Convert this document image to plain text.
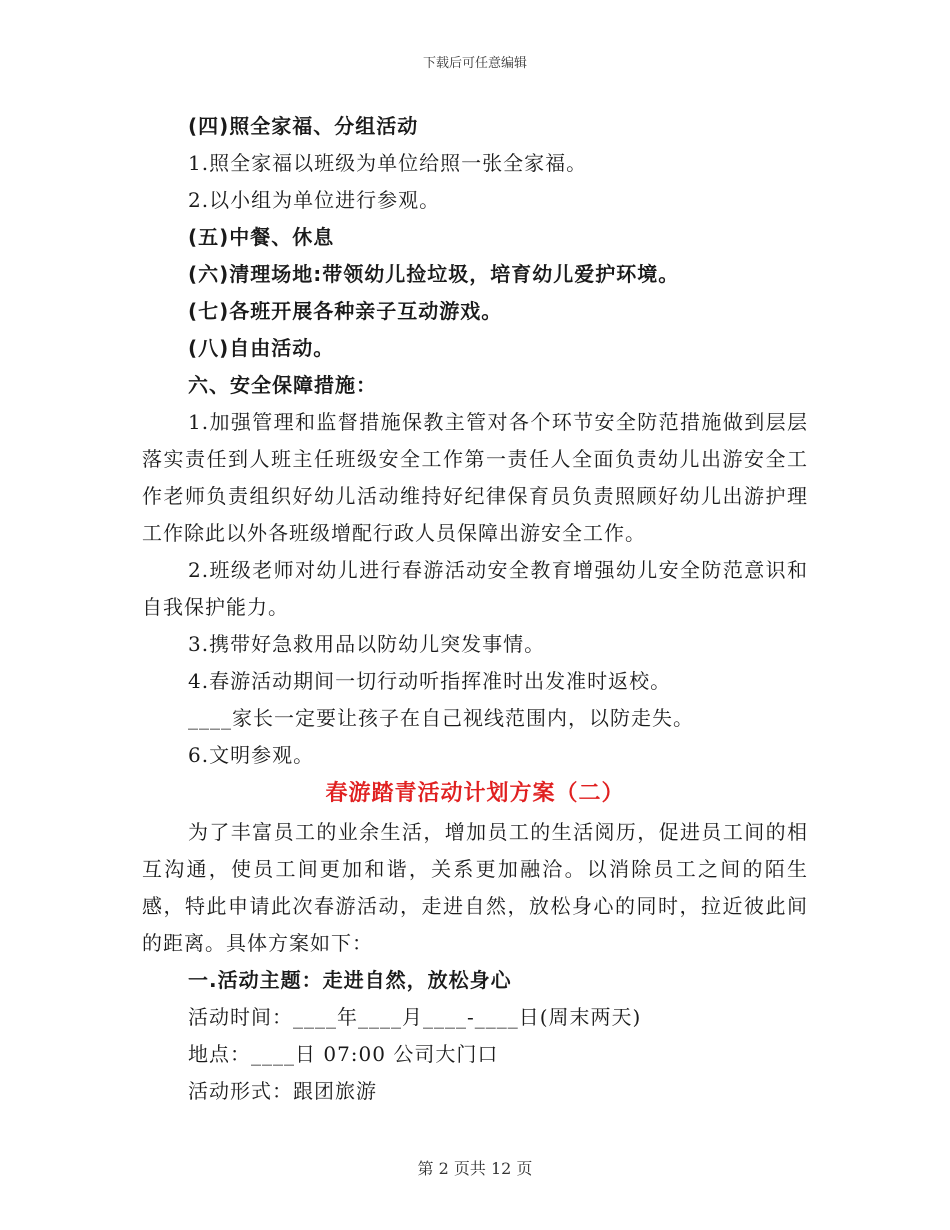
下载后可任意编辑
(四)照全家福、分组活动
1.照全家福以班级为单位给照一张全家福。
2.以小组为单位进行参观。
(五)中餐、休息
(六)清理场地:带领幼儿捡垃圾，培育幼儿爱护环境。
(七)各班开展各种亲子互动游戏。
(八)自由活动。
六、安全保障措施：
1.加强管理和监督措施保教主管对各个环节安全防范措施做到层层落实责任到人班主任班级安全工作第一责任人全面负责幼儿出游安全工作老师负责组织好幼儿活动维持好纪律保育员负责照顾好幼儿出游护理工作除此以外各班级增配行政人员保障出游安全工作。
2.班级老师对幼儿进行春游活动安全教育增强幼儿安全防范意识和自我保护能力。
3.携带好急救用品以防幼儿突发事情。
4.春游活动期间一切行动听指挥准时出发准时返校。
____家长一定要让孩子在自己视线范围内，以防走失。
6.文明参观。
春游踏青活动计划方案（二）
为了丰富员工的业余生活，增加员工的生活阅历，促进员工间的相互沟通，使员工间更加和谐，关系更加融洽。以消除员工之间的陌生感，特此申请此次春游活动，走进自然，放松身心的同时，拉近彼此间的距离。具体方案如下：
一.活动主题：走进自然，放松身心
活动时间：____年____月____-____日(周末两天)
地点：____日 07:00 公司大门口
活动形式：跟团旅游
第 2 页共 12 页
